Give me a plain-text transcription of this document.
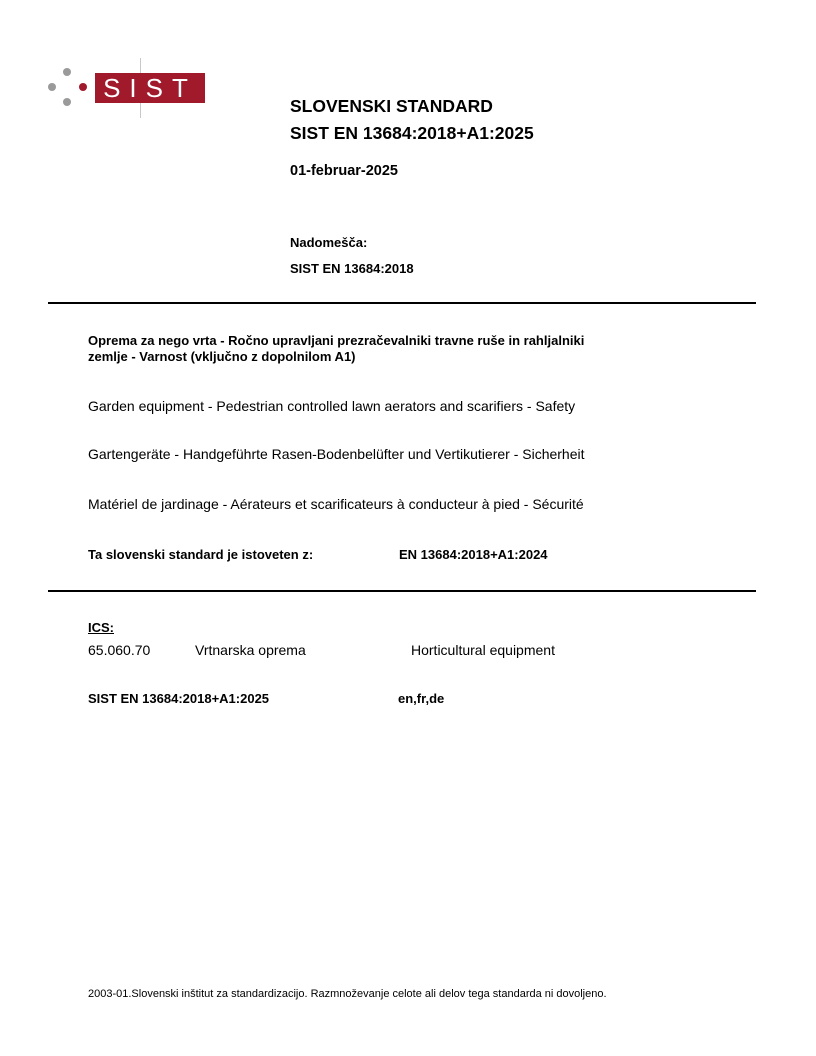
SIST
SLOVENSKI STANDARD
SIST EN 13684:2018+A1:2025
01-februar-2025
Nadomešča:
SIST EN 13684:2018
Oprema za nego vrta - Ročno upravljani prezračevalniki travne ruše in rahljalniki
zemlje - Varnost (vključno z dopolnilom A1)
Garden equipment - Pedestrian controlled lawn aerators and scarifiers - Safety
Gartengeräte - Handgeführte Rasen-Bodenbelüfter und Vertikutierer - Sicherheit
Matériel de jardinage - Aérateurs et scarificateurs à conducteur à pied - Sécurité
Ta slovenski standard je istoveten z:	EN 13684:2018+A1:2024
ICS:
65.060.70	Vrtnarska oprema	Horticultural equipment
SIST EN 13684:2018+A1:2025	en,fr,de
2003-01.Slovenski inštitut za standardizacijo. Razmnoževanje celote ali delov tega standarda ni dovoljeno.
